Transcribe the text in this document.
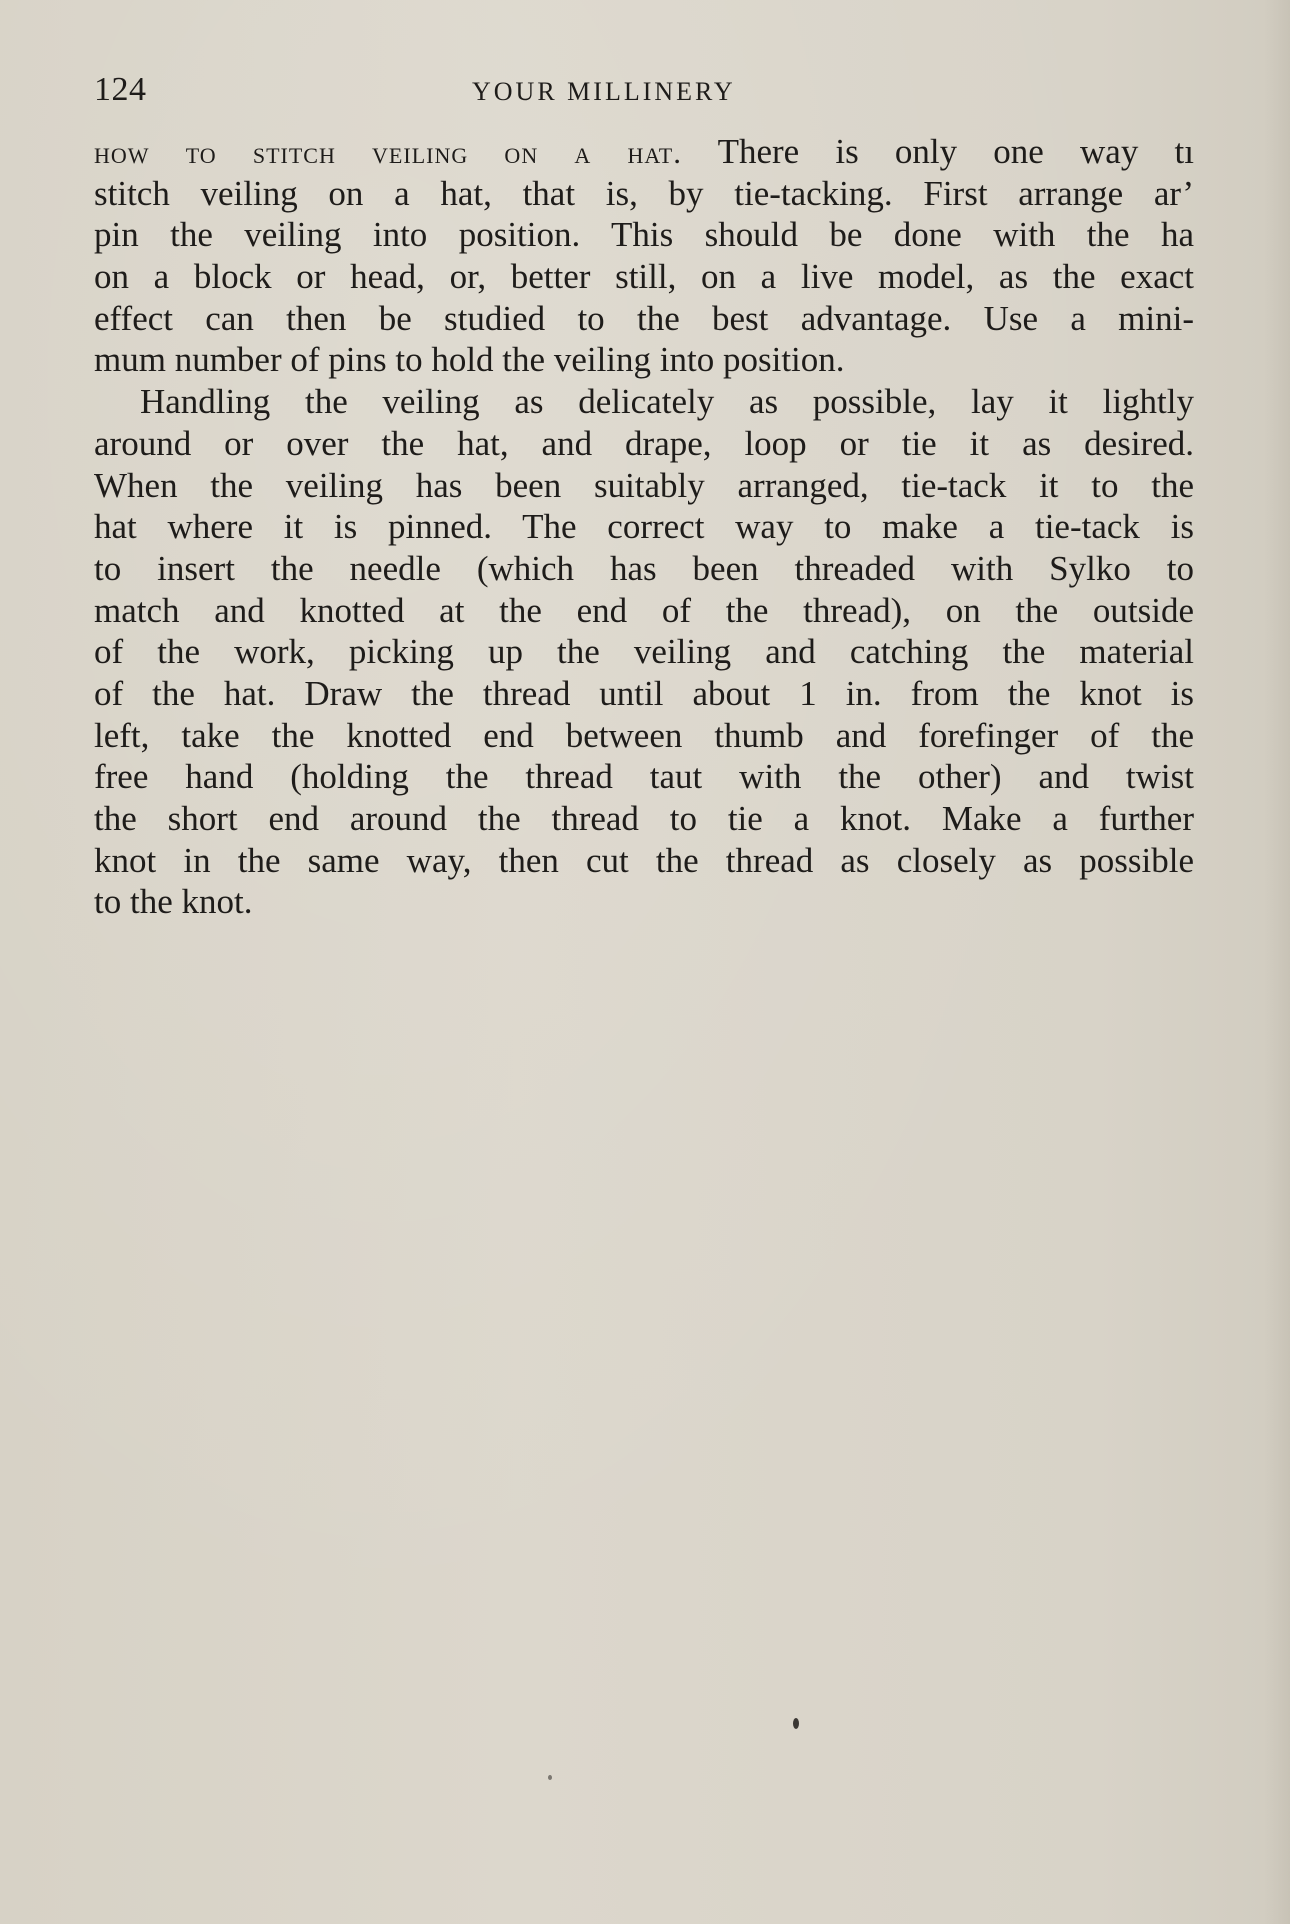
124	YOUR MILLINERY
how to stitch veiling on a hat. There is only one way tı
stitch veiling on a hat, that is, by tie-tacking. First arrange ar’
pin the veiling into position. This should be done with the ha
on a block or head, or, better still, on a live model, as the exact
effect can then be studied to the best advantage. Use a mini-
mum number of pins to hold the veiling into position.
Handling the veiling as delicately as possible, lay it lightly
around or over the hat, and drape, loop or tie it as desired.
When the veiling has been suitably arranged, tie-tack it to the
hat where it is pinned. The correct way to make a tie-tack is
to insert the needle (which has been threaded with Sylko to
match and knotted at the end of the thread), on the outside
of the work, picking up the veiling and catching the material
of the hat. Draw the thread until about 1 in. from the knot is
left, take the knotted end between thumb and forefinger of the
free hand (holding the thread taut with the other) and twist
the short end around the thread to tie a knot. Make a further
knot in the same way, then cut the thread as closely as possible
to the knot.
